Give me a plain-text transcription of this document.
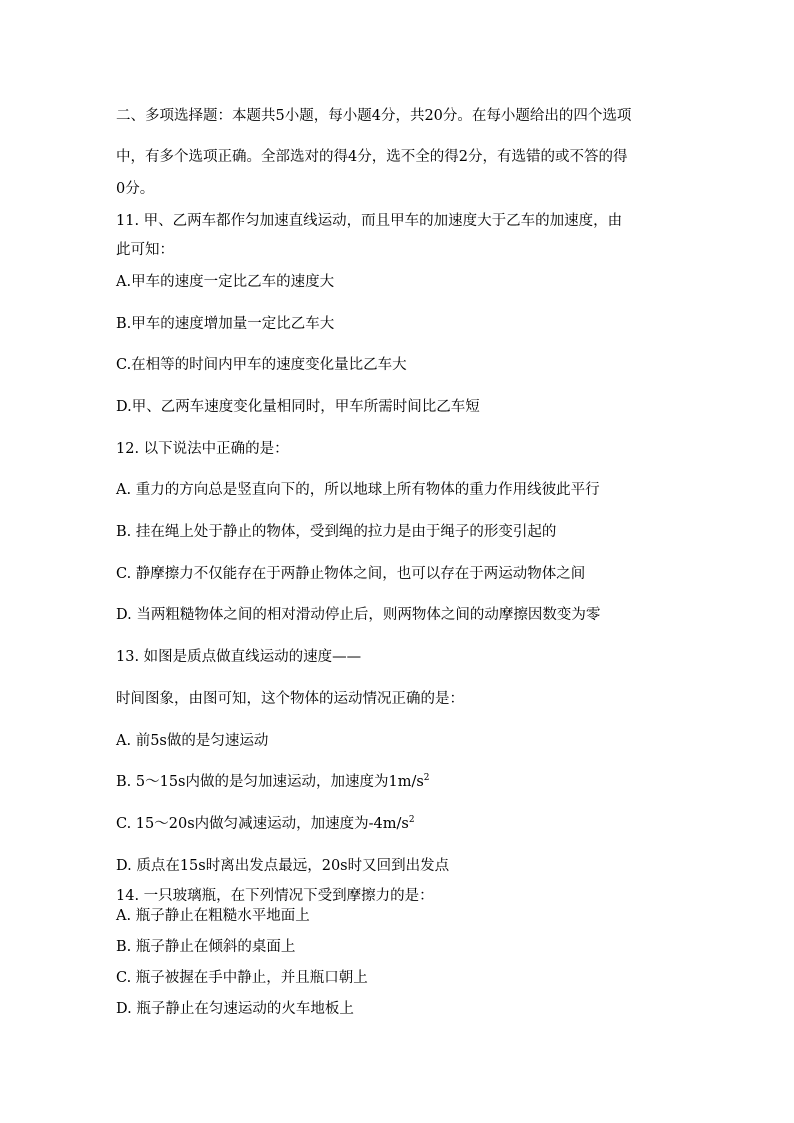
二、多项选择题：本题共5小题，每小题4分，共20分。在每小题给出的四个选项
中，有多个选项正确。全部选对的得4分，选不全的得2分，有选错的或不答的得
0分。
11. 甲、乙两车都作匀加速直线运动，而且甲车的加速度大于乙车的加速度，由
此可知：
A.甲车的速度一定比乙车的速度大
B.甲车的速度增加量一定比乙车大
C.在相等的时间内甲车的速度变化量比乙车大
D.甲、乙两车速度变化量相同时，甲车所需时间比乙车短
12. 以下说法中正确的是：
A. 重力的方向总是竖直向下的，所以地球上所有物体的重力作用线彼此平行
B. 挂在绳上处于静止的物体，受到绳的拉力是由于绳子的形变引起的
C. 静摩擦力不仅能存在于两静止物体之间，也可以存在于两运动物体之间
D. 当两粗糙物体之间的相对滑动停止后，则两物体之间的动摩擦因数变为零
13. 如图是质点做直线运动的速度——
时间图象，由图可知，这个物体的运动情况正确的是：
A. 前5s做的是匀速运动
B. 5～15s内做的是匀加速运动，加速度为$1m/s^2$
C. 15～20s内做匀减速运动，加速度为$-4m/s^2$
D. 质点在15s时离出发点最远，20s时又回到出发点
14. 一只玻璃瓶，在下列情况下受到摩擦力的是：
A. 瓶子静止在粗糙水平地面上
B. 瓶子静止在倾斜的桌面上
C. 瓶子被握在手中静止，并且瓶口朝上
D. 瓶子静止在匀速运动的火车地板上
